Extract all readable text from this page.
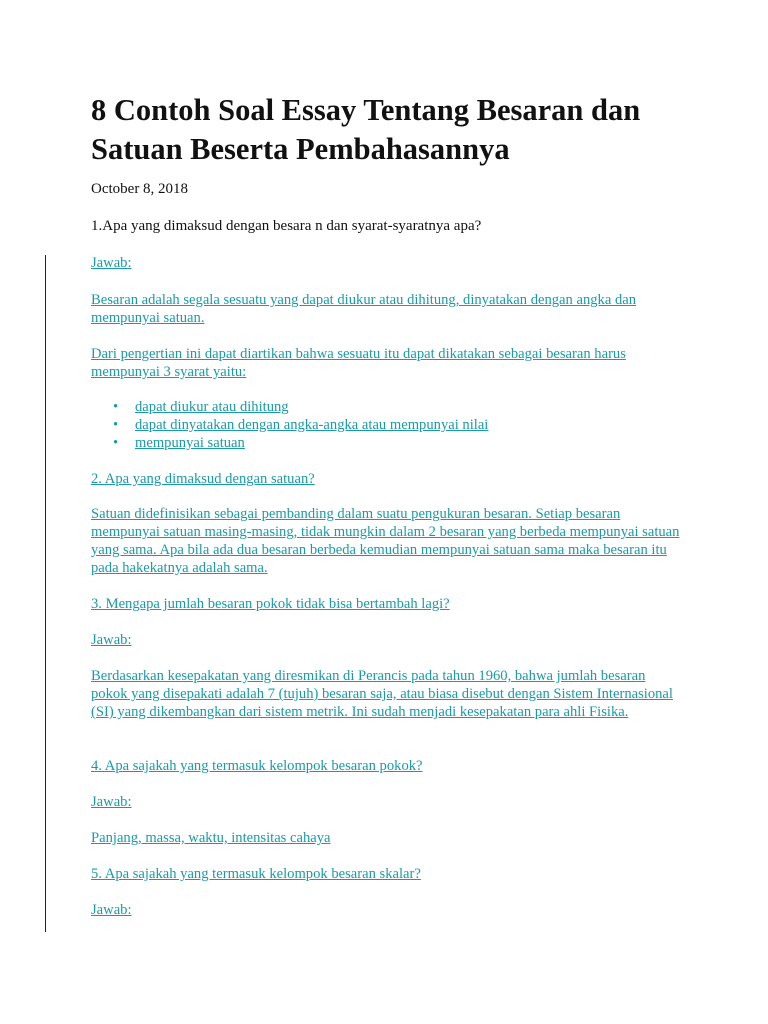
8 Contoh Soal Essay Tentang Besaran dan Satuan Beserta Pembahasannya
October 8, 2018
1.Apa yang dimaksud dengan besara n dan syarat-syaratnya apa?
Jawab:
Besaran adalah segala sesuatu yang dapat diukur atau dihitung, dinyatakan dengan angka dan mempunyai satuan.
Dari pengertian ini dapat diartikan bahwa sesuatu itu dapat dikatakan sebagai besaran harus mempunyai 3 syarat yaitu:
• dapat diukur atau dihitung
• dapat dinyatakan dengan angka-angka atau mempunyai nilai
• mempunyai satuan
2. Apa yang dimaksud dengan satuan?
Satuan didefinisikan sebagai pembanding dalam suatu pengukuran besaran. Setiap besaran mempunyai satuan masing-masing, tidak mungkin dalam 2 besaran yang berbeda mempunyai satuan yang sama. Apa bila ada dua besaran berbeda kemudian mempunyai satuan sama maka besaran itu pada hakekatnya adalah sama.
3. Mengapa jumlah besaran pokok tidak bisa bertambah lagi?
Jawab:
Berdasarkan kesepakatan yang diresmikan di Perancis pada tahun 1960, bahwa jumlah besaran pokok yang disepakati adalah 7 (tujuh) besaran saja, atau biasa disebut dengan Sistem Internasional (SI) yang dikembangkan dari sistem metrik. Ini sudah menjadi kesepakatan para ahli Fisika.
4. Apa sajakah yang termasuk kelompok besaran pokok?
Jawab:
Panjang, massa, waktu, intensitas cahaya
5. Apa sajakah yang termasuk kelompok besaran skalar?
Jawab:
